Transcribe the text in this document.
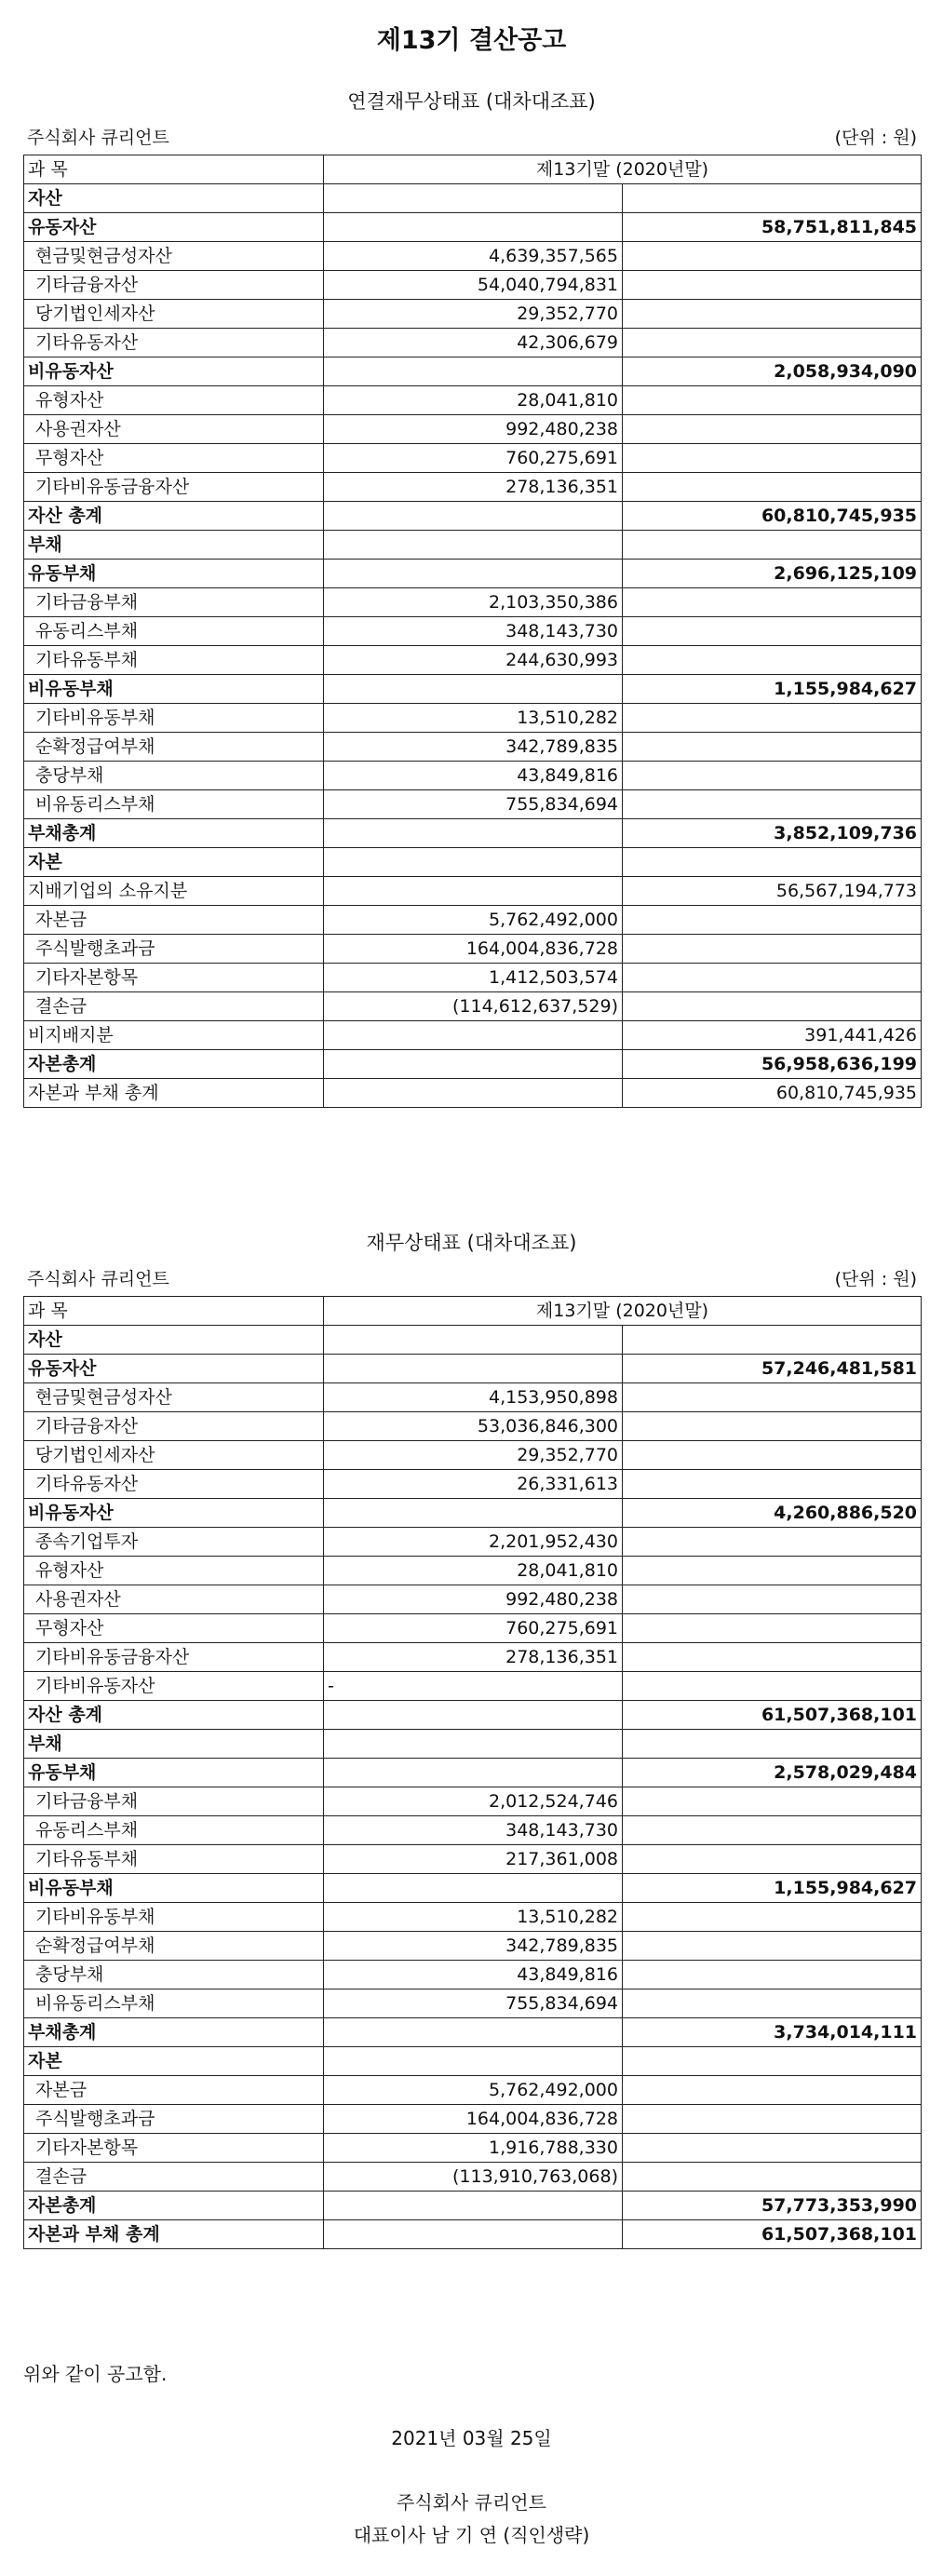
제13기 결산공고
연결재무상태표 (대차대조표)
주식회사 큐리언트	(단위 : 원)
과 목	제13기말 (2020년말)	
자산		
유동자산		58,751,811,845
현금및현금성자산	4,639,357,565	
기타금융자산	54,040,794,831	
당기법인세자산	29,352,770	
기타유동자산	42,306,679	
비유동자산		2,058,934,090
유형자산	28,041,810	
사용권자산	992,480,238	
무형자산	760,275,691	
기타비유동금융자산	278,136,351	
자산 총계		60,810,745,935
부채		
유동부채		2,696,125,109
기타금융부채	2,103,350,386	
유동리스부채	348,143,730	
기타유동부채	244,630,993	
비유동부채		1,155,984,627
기타비유동부채	13,510,282	
순확정급여부채	342,789,835	
충당부채	43,849,816	
비유동리스부채	755,834,694	
부채총계		3,852,109,736
자본		
지배기업의 소유지분		56,567,194,773
자본금	5,762,492,000	
주식발행초과금	164,004,836,728	
기타자본항목	1,412,503,574	
결손금	(114,612,637,529)	
비지배지분		391,441,426
자본총계		56,958,636,199
자본과 부채 총계		60,810,745,935
재무상태표 (대차대조표)
주식회사 큐리언트	(단위 : 원)
과 목	제13기말 (2020년말)	
자산		
유동자산		57,246,481,581
현금및현금성자산	4,153,950,898	
기타금융자산	53,036,846,300	
당기법인세자산	29,352,770	
기타유동자산	26,331,613	
비유동자산		4,260,886,520
종속기업투자	2,201,952,430	
유형자산	28,041,810	
사용권자산	992,480,238	
무형자산	760,275,691	
기타비유동금융자산	278,136,351	
기타비유동자산	-	
자산 총계		61,507,368,101
부채		
유동부채		2,578,029,484
기타금융부채	2,012,524,746	
유동리스부채	348,143,730	
기타유동부채	217,361,008	
비유동부채		1,155,984,627
기타비유동부채	13,510,282	
순확정급여부채	342,789,835	
충당부채	43,849,816	
비유동리스부채	755,834,694	
부채총계		3,734,014,111
자본		
자본금	5,762,492,000	
주식발행초과금	164,004,836,728	
기타자본항목	1,916,788,330	
결손금	(113,910,763,068)	
자본총계		57,773,353,990
자본과 부채 총계		61,507,368,101
위와 같이 공고함.
2021년 03월 25일
주식회사 큐리언트
대표이사 남 기 연 (직인생략)
